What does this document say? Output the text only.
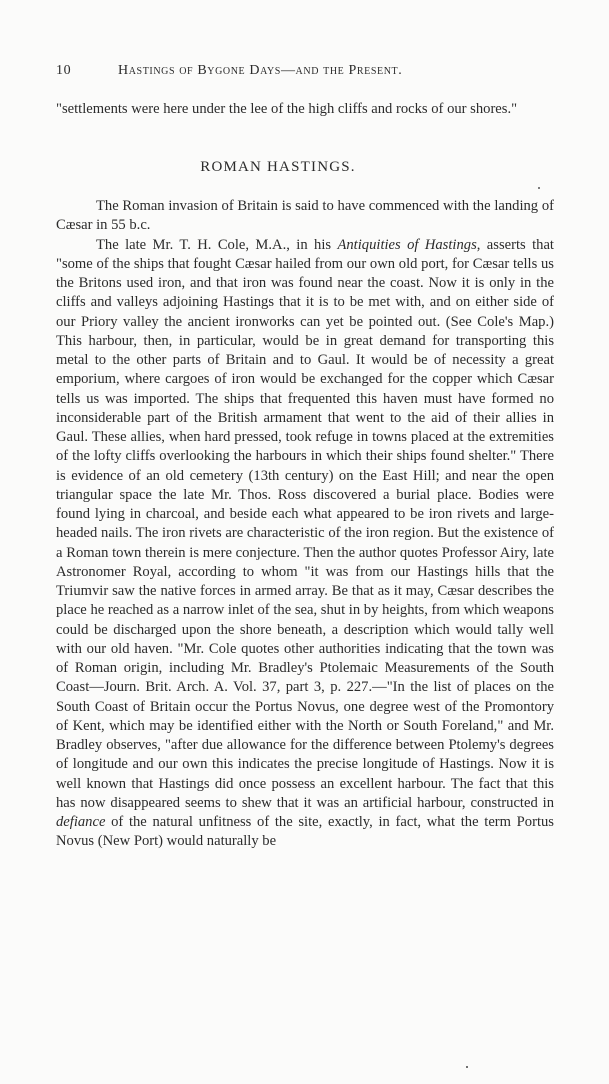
10	Hastings of Bygone Days—and the Present.

"settlements were here under the lee of the high cliffs and rocks of our shores."

ROMAN HASTINGS.

The Roman invasion of Britain is said to have commenced with the landing of Cæsar in 55 b.c.

The late Mr. T. H. Cole, M.A., in his Antiquities of Hastings, asserts that "some of the ships that fought Cæsar hailed from our own old port, for Cæsar tells us the Britons used iron, and that iron was found near the coast. Now it is only in the cliffs and valleys adjoining Hastings that it is to be met with, and on either side of our Priory valley the ancient ironworks can yet be pointed out. (See Cole's Map.) This harbour, then, in particular, would be in great demand for transporting this metal to the other parts of Britain and to Gaul. It would be of necessity a great emporium, where cargoes of iron would be exchanged for the copper which Cæsar tells us was imported. The ships that frequented this haven must have formed no inconsiderable part of the British armament that went to the aid of their allies in Gaul. These allies, when hard pressed, took refuge in towns placed at the extremities of the lofty cliffs overlooking the harbours in which their ships found shelter." There is evidence of an old cemetery (13th century) on the East Hill; and near the open triangular space the late Mr. Thos. Ross discovered a burial place. Bodies were found lying in charcoal, and beside each what appeared to be iron rivets and large-headed nails. The iron rivets are characteristic of the iron region. But the existence of a Roman town therein is mere conjecture. Then the author quotes Professor Airy, late Astronomer Royal, according to whom "it was from our Hastings hills that the Triumvir saw the native forces in armed array. Be that as it may, Cæsar describes the place he reached as a narrow inlet of the sea, shut in by heights, from which weapons could be discharged upon the shore beneath, a description which would tally well with our old haven. "Mr. Cole quotes other authorities indicating that the town was of Roman origin, including Mr. Bradley's Ptolemaic Measurements of the South Coast—Journ. Brit. Arch. A. Vol. 37, part 3, p. 227.—"In the list of places on the South Coast of Britain occur the Portus Novus, one degree west of the Promontory of Kent, which may be identified either with the North or South Foreland," and Mr. Bradley observes, "after due allowance for the difference between Ptolemy's degrees of longitude and our own this indicates the precise longitude of Hastings. Now it is well known that Hastings did once possess an excellent harbour. The fact that this has now disappeared seems to shew that it was an artificial harbour, constructed in defiance of the natural unfitness of the site, exactly, in fact, what the term Portus Novus (New Port) would naturally be
